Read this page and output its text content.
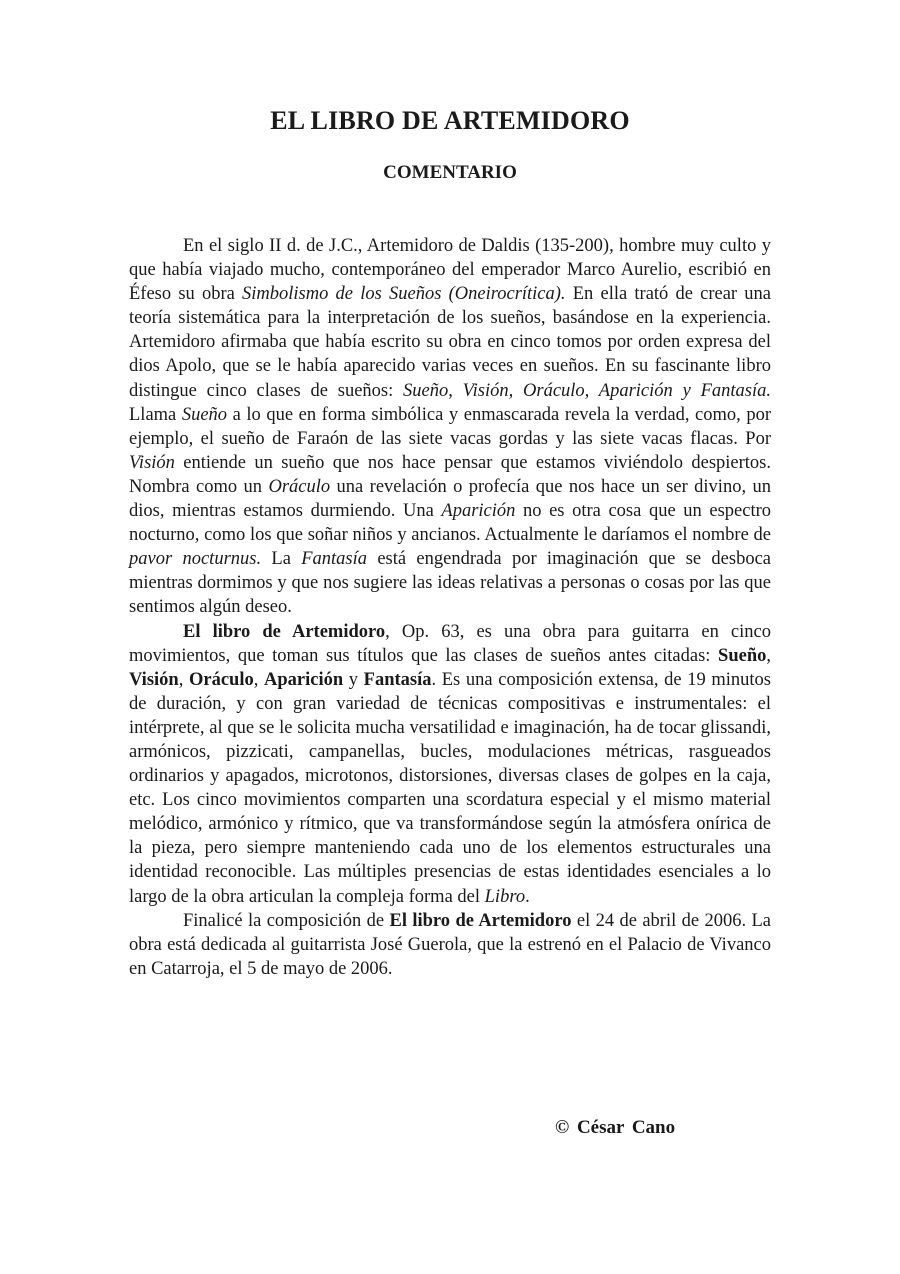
EL LIBRO DE ARTEMIDORO
COMENTARIO

En el siglo II d. de J.C., Artemidoro de Daldis (135-200), hombre muy culto y que había viajado mucho, contemporáneo del emperador Marco Aurelio, escribió en Éfeso su obra Simbolismo de los Sueños (Oneirocrítica). En ella trató de crear una teoría sistemática para la interpretación de los sueños, basándose en la experiencia. Artemidoro afirmaba que había escrito su obra en cinco tomos por orden expresa del dios Apolo, que se le había aparecido varias veces en sueños. En su fascinante libro distingue cinco clases de sueños: Sueño, Visión, Oráculo, Aparición y Fantasía. Llama Sueño a lo que en forma simbólica y enmascarada revela la verdad, como, por ejemplo, el sueño de Faraón de las siete vacas gordas y las siete vacas flacas. Por Visión entiende un sueño que nos hace pensar que estamos viviéndolo despiertos. Nombra como un Oráculo una revelación o profecía que nos hace un ser divino, un dios, mientras estamos durmiendo. Una Aparición no es otra cosa que un espectro nocturno, como los que soñar niños y ancianos. Actualmente le daríamos el nombre de pavor nocturnus. La Fantasía está engendrada por imaginación que se desboca mientras dormimos y que nos sugiere las ideas relativas a personas o cosas por las que sentimos algún deseo.

El libro de Artemidoro, Op. 63, es una obra para guitarra en cinco movimientos, que toman sus títulos que las clases de sueños antes citadas: Sueño, Visión, Oráculo, Aparición y Fantasía. Es una composición extensa, de 19 minutos de duración, y con gran variedad de técnicas compositivas e instrumentales: el intérprete, al que se le solicita mucha versatilidad e imaginación, ha de tocar glissandi, armónicos, pizzicati, campanellas, bucles, modulaciones métricas, rasgueados ordinarios y apagados, microtonos, distorsiones, diversas clases de golpes en la caja, etc. Los cinco movimientos comparten una scordatura especial y el mismo material melódico, armónico y rítmico, que va transformándose según la atmósfera onírica de la pieza, pero siempre manteniendo cada uno de los elementos estructurales una identidad reconocible. Las múltiples presencias de estas identidades esenciales a lo largo de la obra articulan la compleja forma del Libro.

Finalicé la composición de El libro de Artemidoro el 24 de abril de 2006. La obra está dedicada al guitarrista José Guerola, que la estrenó en el Palacio de Vivanco en Catarroja, el 5 de mayo de 2006.

© César Cano
